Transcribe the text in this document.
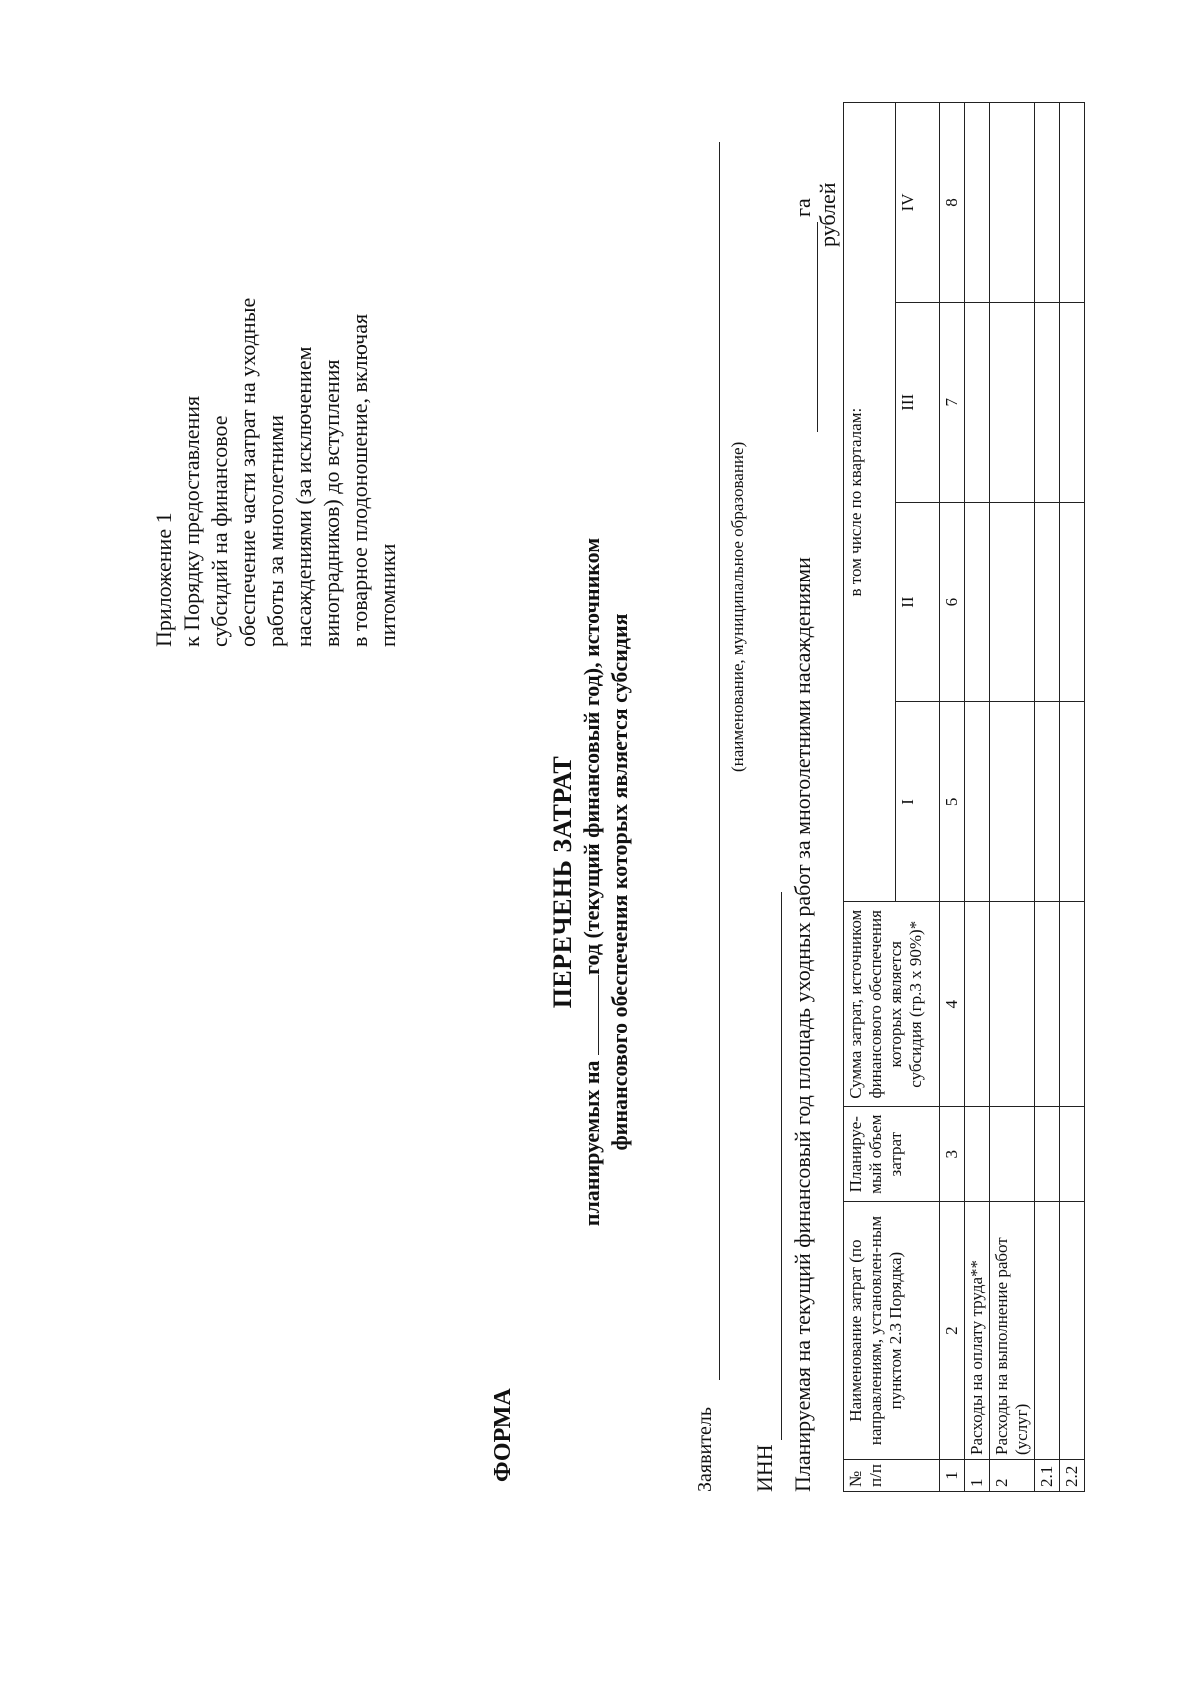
Приложение 1 к Порядку предоставления субсидий на финансовое обеспечение части затрат на уходные работы за многолетними насаждениями (за исключением виноградников) до вступления в товарное плодоношение, включая питомники
ФОРМА
ПЕРЕЧЕНЬ ЗАТРАТ
планируемых на год (текущий финансовый год), источником финансового обеспечения которых является субсидия
Заявитель
(наименование, муниципальное образование)
ИНН Планируемая на текущий финансовый год площадь уходных работ за многолетними насаждениями
га рублей
№ п/п	Наименование затрат (по направлениям, установлен-ным пунктом 2.3 Порядка)	Планируе-мый объем затрат	Сумма затрат, источником финансового обеспечения которых является субсидия (гр.3 х 90%)*	в том числе по кварталам:			
				I	II	III	IV
1	2	3	4	5	6	7	8
1	Расходы на оплату труда**						
2	Расходы на выполнение работ (услуг)						
2.1							
2.2							
